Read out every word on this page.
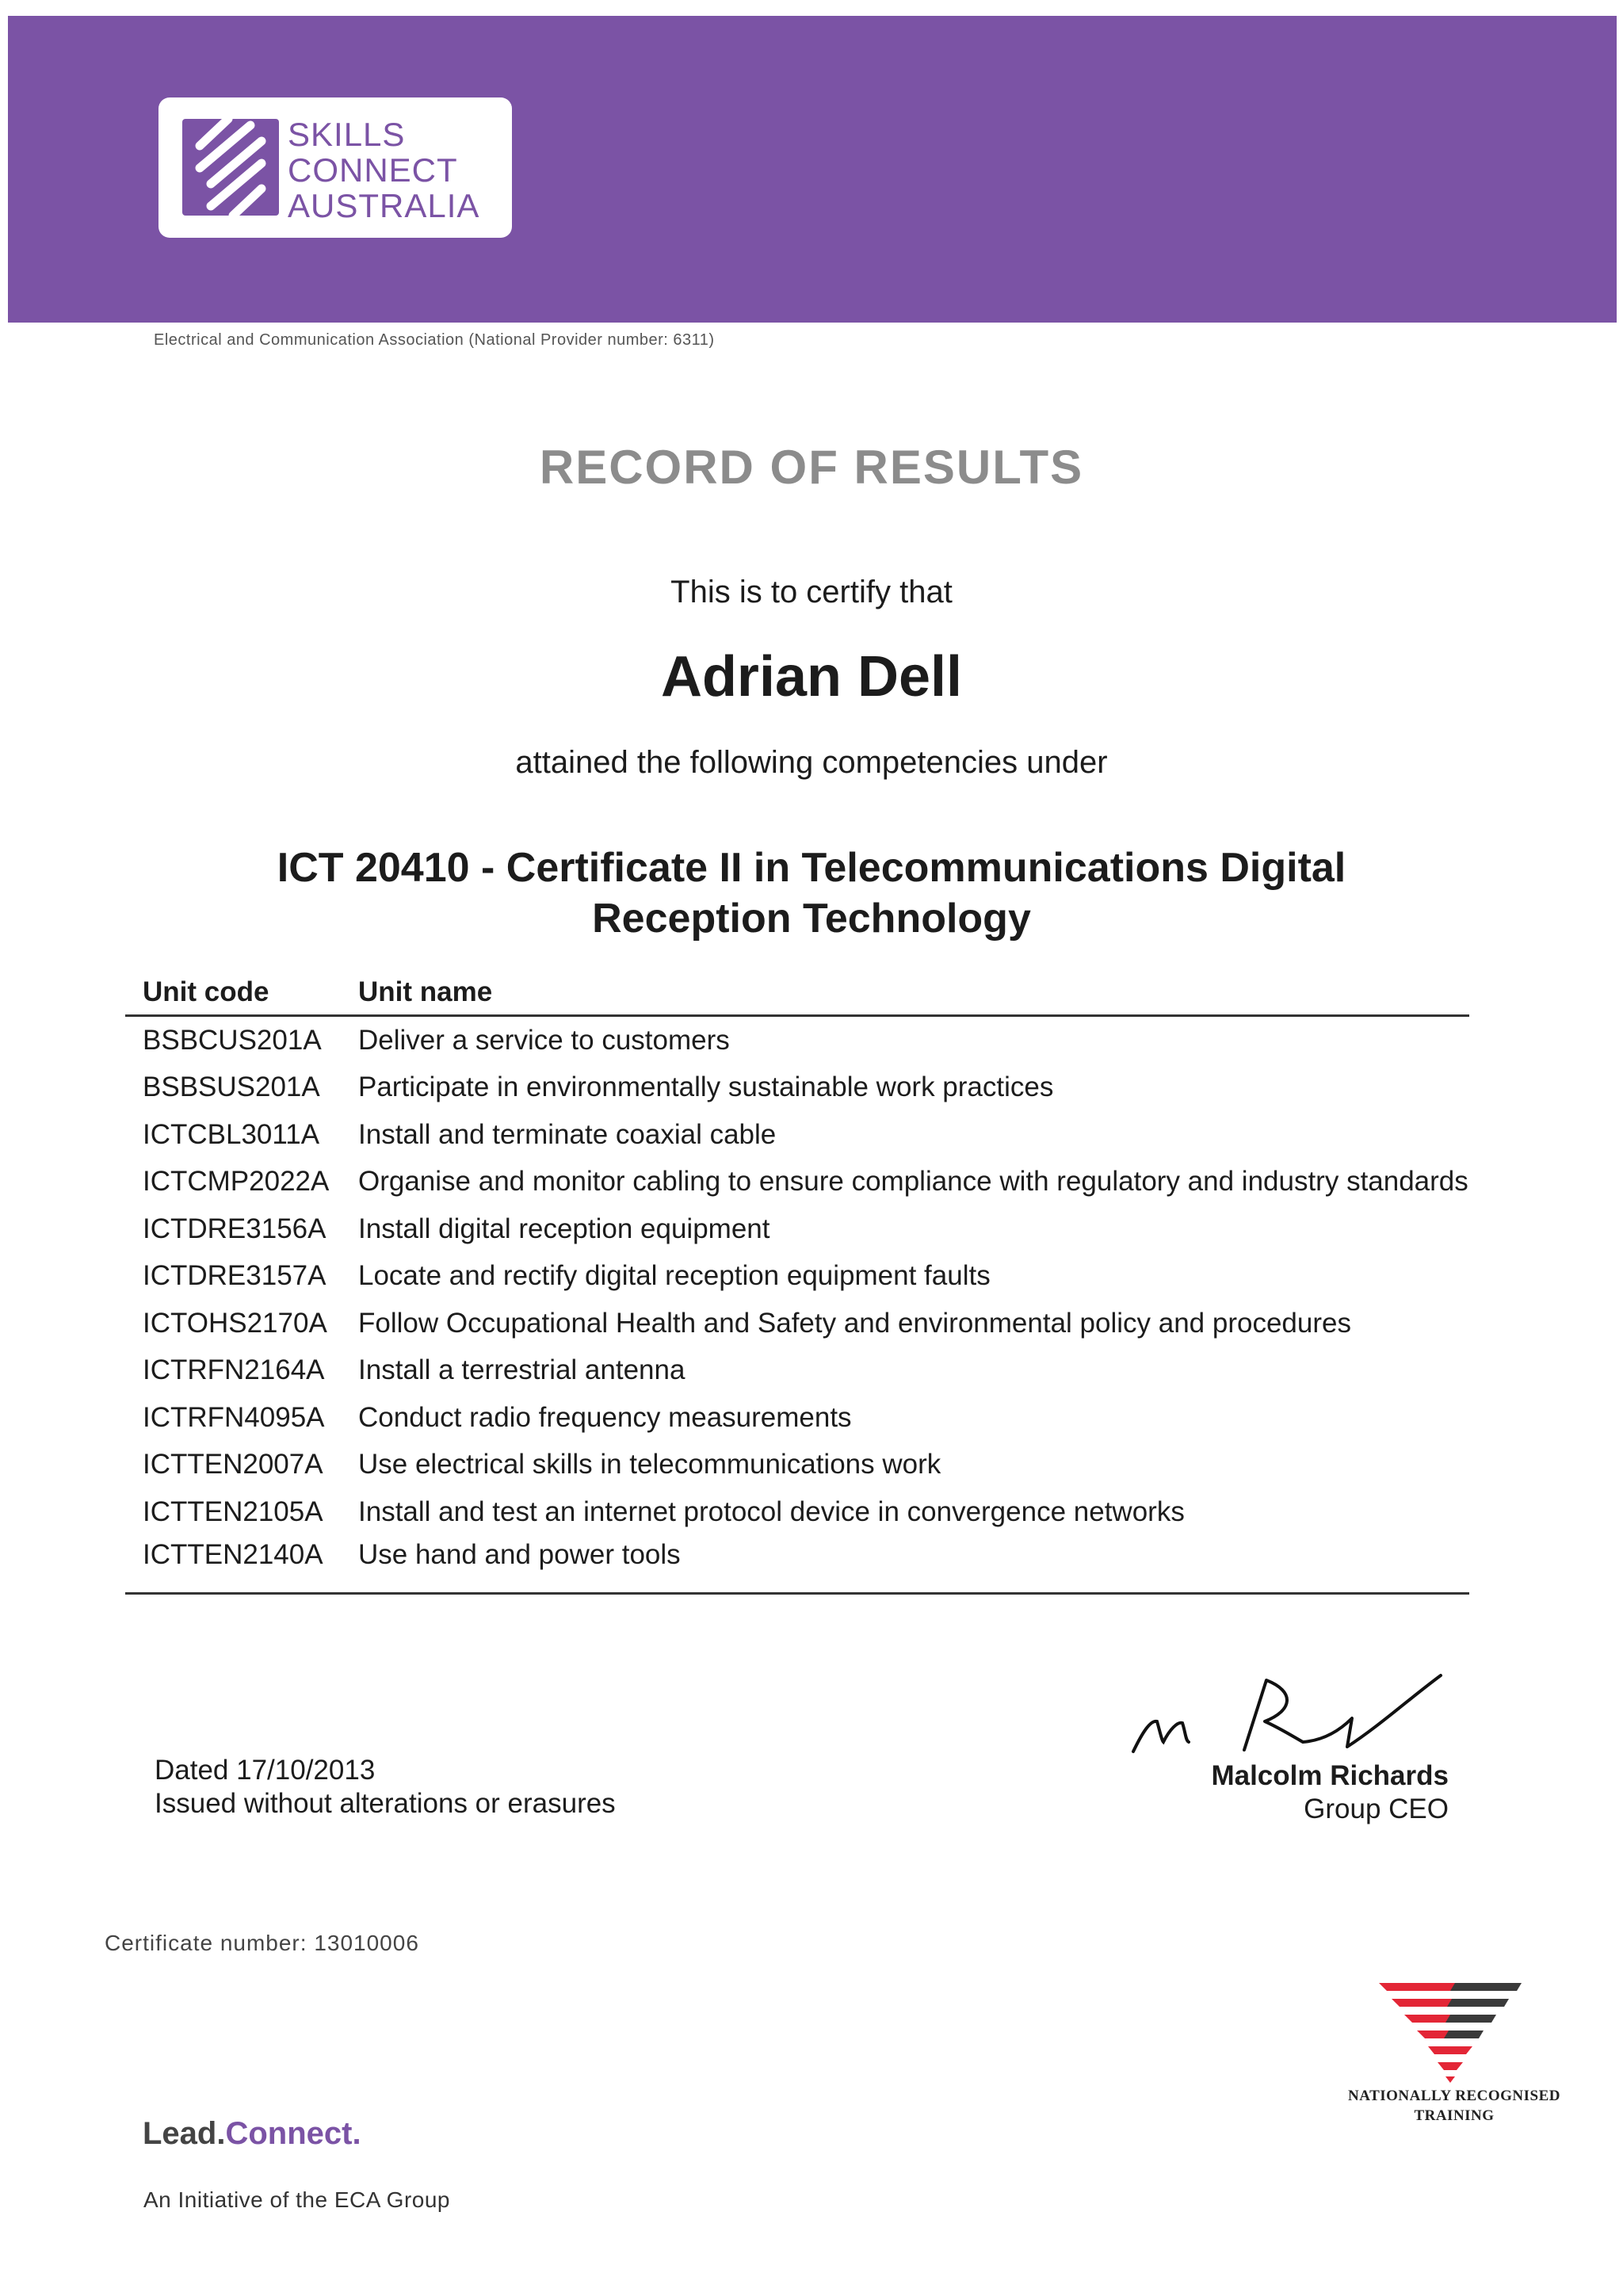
SKILLS
CONNECT
AUSTRALIA
Electrical and Communication Association (National Provider number: 6311)
RECORD OF RESULTS
This is to certify that
Adrian Dell
attained the following competencies under
ICT 20410 - Certificate II in Telecommunications Digital
Reception Technology
Unit code	Unit name
BSBCUS201A	Deliver a service to customers
BSBSUS201A	Participate in environmentally sustainable work practices
ICTCBL3011A	Install and terminate coaxial cable
ICTCMP2022A	Organise and monitor cabling to ensure compliance with regulatory and industry standards
ICTDRE3156A	Install digital reception equipment
ICTDRE3157A	Locate and rectify digital reception equipment faults
ICTOHS2170A	Follow Occupational Health and Safety and environmental policy and procedures
ICTRFN2164A	Install a terrestrial antenna
ICTRFN4095A	Conduct radio frequency measurements
ICTTEN2007A	Use electrical skills in telecommunications work
ICTTEN2105A	Install and test an internet protocol device in convergence networks
ICTTEN2140A	Use hand and power tools
Dated 17/10/2013
Issued without alterations or erasures
Malcolm Richards
Group CEO
Certificate number: 13010006
NATIONALLY RECOGNISED
TRAINING
Lead.Connect.
An Initiative of the ECA Group
